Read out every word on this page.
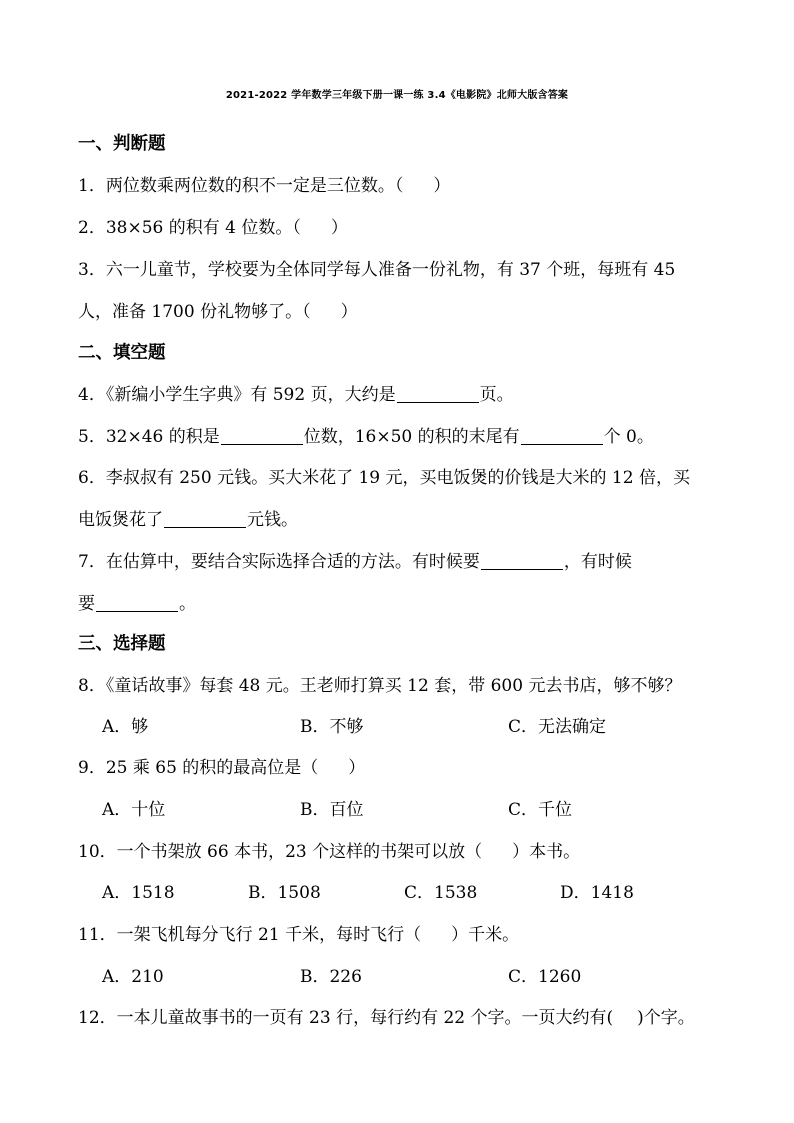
2021-2022 学年数学三年级下册一课一练 3.4《电影院》北师大版含答案
一、判断题
1．两位数乘两位数的积不一定是三位数。（ ）
2．38×56 的积有 4 位数。（ ）
3．六一儿童节，学校要为全体同学每人准备一份礼物，有 37 个班，每班有 45
人，准备 1700 份礼物够了。（ ）
二、填空题
4．《新编小学生字典》有 592 页，大约是	页。
5．32×46 的积是	位数，16×50 的积的末尾有	个 0。
6．李叔叔有 250 元钱。买大米花了 19 元，买电饭煲的价钱是大米的 12 倍，买
电饭煲花了	元钱。
7．在估算中，要结合实际选择合适的方法。有时候要	，有时候
要	。
三、选择题
8．《童话故事》每套 48 元。王老师打算买 12 套，带 600 元去书店，够不够？
A．够	B．不够	C．无法确定
9．25 乘 65 的积的最高位是（ ）
A．十位	B．百位	C．千位
10．一个书架放 66 本书，23 个这样的书架可以放（ ）本书。
A．1518	B．1508	C．1538	D．1418
11．一架飞机每分飞行 21 千米，每时飞行（ ）千米。
A．210	B．226	C．1260
12．一本儿童故事书的一页有 23 行，每行约有 22 个字。一页大约有( )个字。
